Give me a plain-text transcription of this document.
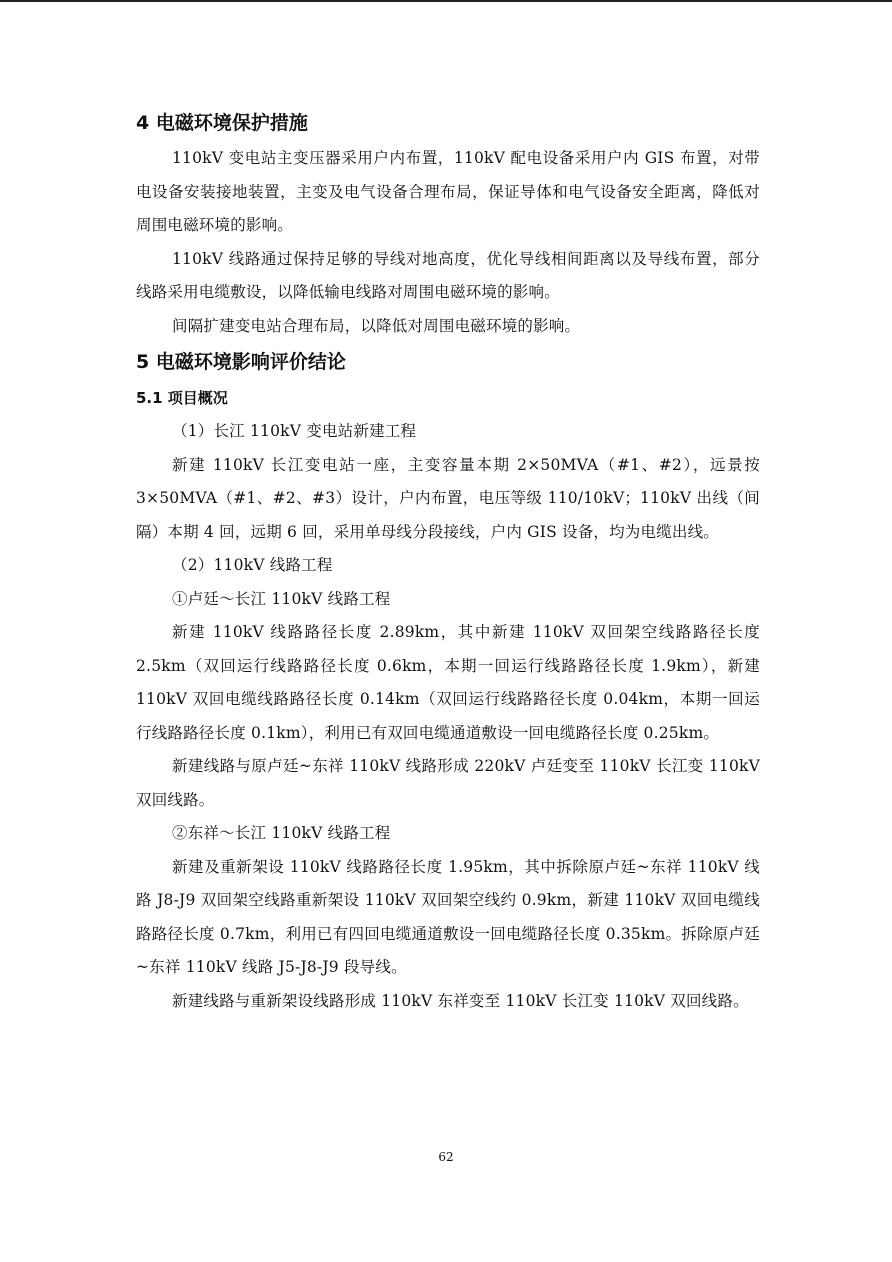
4 电磁环境保护措施

110kV 变电站主变压器采用户内布置，110kV 配电设备采用户内 GIS 布置，对带电设备安装接地装置，主变及电气设备合理布局，保证导体和电气设备安全距离，降低对周围电磁环境的影响。

110kV 线路通过保持足够的导线对地高度，优化导线相间距离以及导线布置，部分线路采用电缆敷设，以降低输电线路对周围电磁环境的影响。

间隔扩建变电站合理布局，以降低对周围电磁环境的影响。

5 电磁环境影响评价结论
5.1 项目概况

（1）长江 110kV 变电站新建工程

新建 110kV 长江变电站一座，主变容量本期 2×50MVA（#1、#2），远景按 3×50MVA（#1、#2、#3）设计，户内布置，电压等级 110/10kV；110kV 出线（间隔）本期 4 回，远期 6 回，采用单母线分段接线，户内 GIS 设备，均为电缆出线。

（2）110kV 线路工程

①卢廷～长江 110kV 线路工程

新建 110kV 线路路径长度 2.89km，其中新建 110kV 双回架空线路路径长度 2.5km（双回运行线路路径长度 0.6km，本期一回运行线路路径长度 1.9km），新建 110kV 双回电缆线路路径长度 0.14km（双回运行线路路径长度 0.04km，本期一回运行线路路径长度 0.1km），利用已有双回电缆通道敷设一回电缆路径长度 0.25km。

新建线路与原卢廷~东祥 110kV 线路形成 220kV 卢廷变至 110kV 长江变 110kV 双回线路。

②东祥～长江 110kV 线路工程

新建及重新架设 110kV 线路路径长度 1.95km，其中拆除原卢廷~东祥 110kV 线路 J8-J9 双回架空线路重新架设 110kV 双回架空线约 0.9km，新建 110kV 双回电缆线路路径长度 0.7km，利用已有四回电缆通道敷设一回电缆路径长度 0.35km。拆除原卢廷~东祥 110kV 线路 J5-J8-J9 段导线。

新建线路与重新架设线路形成 110kV 东祥变至 110kV 长江变 110kV 双回线路。

62
